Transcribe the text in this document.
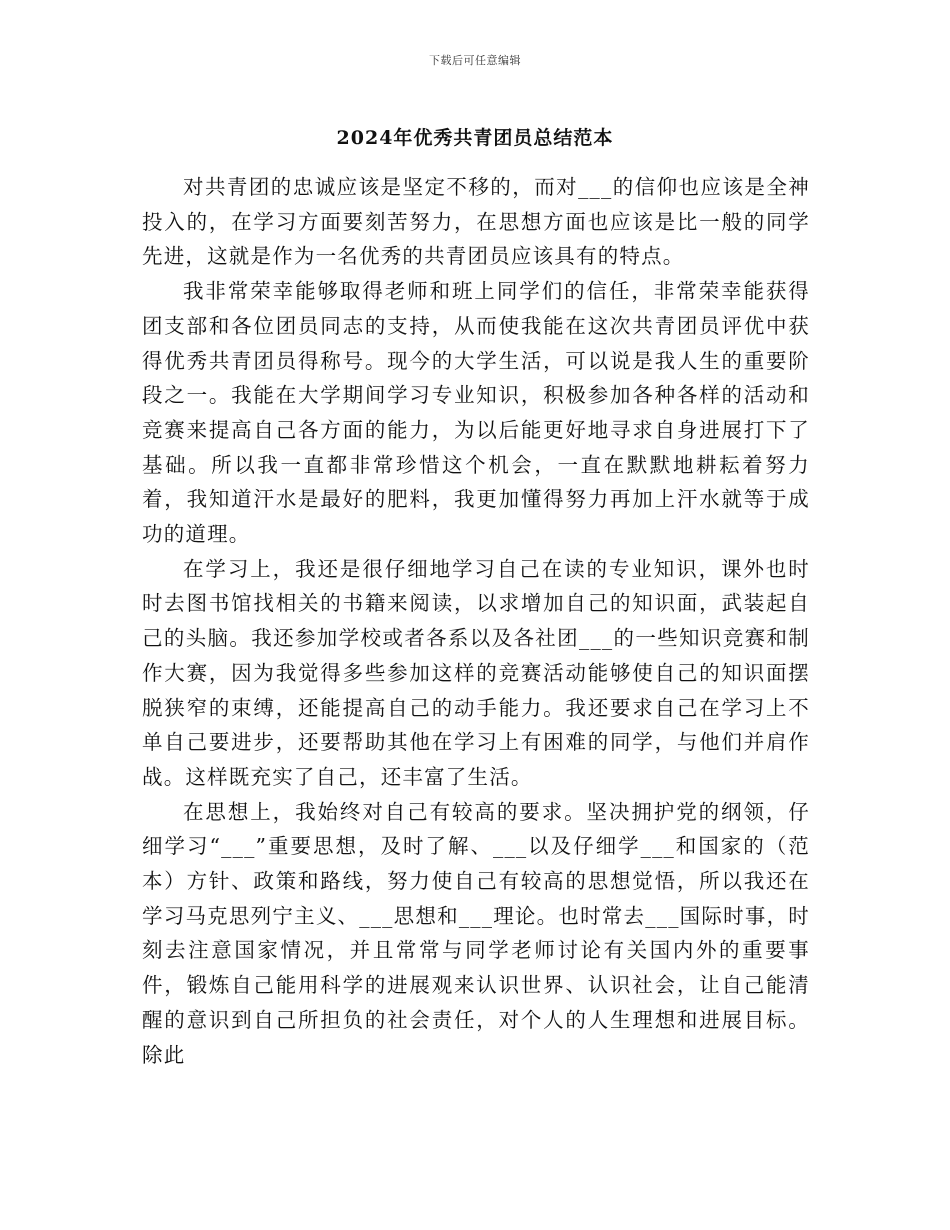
下载后可任意编辑
2024年优秀共青团员总结范本

对共青团的忠诚应该是坚定不移的，而对___的信仰也应该是全神投入的，在学习方面要刻苦努力，在思想方面也应该是比一般的同学先进，这就是作为一名优秀的共青团员应该具有的特点。

我非常荣幸能够取得老师和班上同学们的信任，非常荣幸能获得团支部和各位团员同志的支持，从而使我能在这次共青团员评优中获得优秀共青团员得称号。现今的大学生活，可以说是我人生的重要阶段之一。我能在大学期间学习专业知识，积极参加各种各样的活动和竞赛来提高自己各方面的能力，为以后能更好地寻求自身进展打下了基础。所以我一直都非常珍惜这个机会，一直在默默地耕耘着努力着，我知道汗水是最好的肥料，我更加懂得努力再加上汗水就等于成功的道理。

在学习上，我还是很仔细地学习自己在读的专业知识，课外也时时去图书馆找相关的书籍来阅读，以求增加自己的知识面，武装起自己的头脑。我还参加学校或者各系以及各社团___的一些知识竞赛和制作大赛，因为我觉得多些参加这样的竞赛活动能够使自己的知识面摆脱狭窄的束缚，还能提高自己的动手能力。我还要求自己在学习上不单自己要进步，还要帮助其他在学习上有困难的同学，与他们并肩作战。这样既充实了自己，还丰富了生活。

在思想上，我始终对自己有较高的要求。坚决拥护党的纲领，仔细学习“___”重要思想，及时了解、___以及仔细学___和国家的（范本）方针、政策和路线，努力使自己有较高的思想觉悟，所以我还在学习马克思列宁主义、___思想和___理论。也时常去___国际时事，时刻去注意国家情况，并且常常与同学老师讨论有关国内外的重要事件，锻炼自己能用科学的进展观来认识世界、认识社会，让自己能清醒的意识到自己所担负的社会责任，对个人的人生理想和进展目标。除此
